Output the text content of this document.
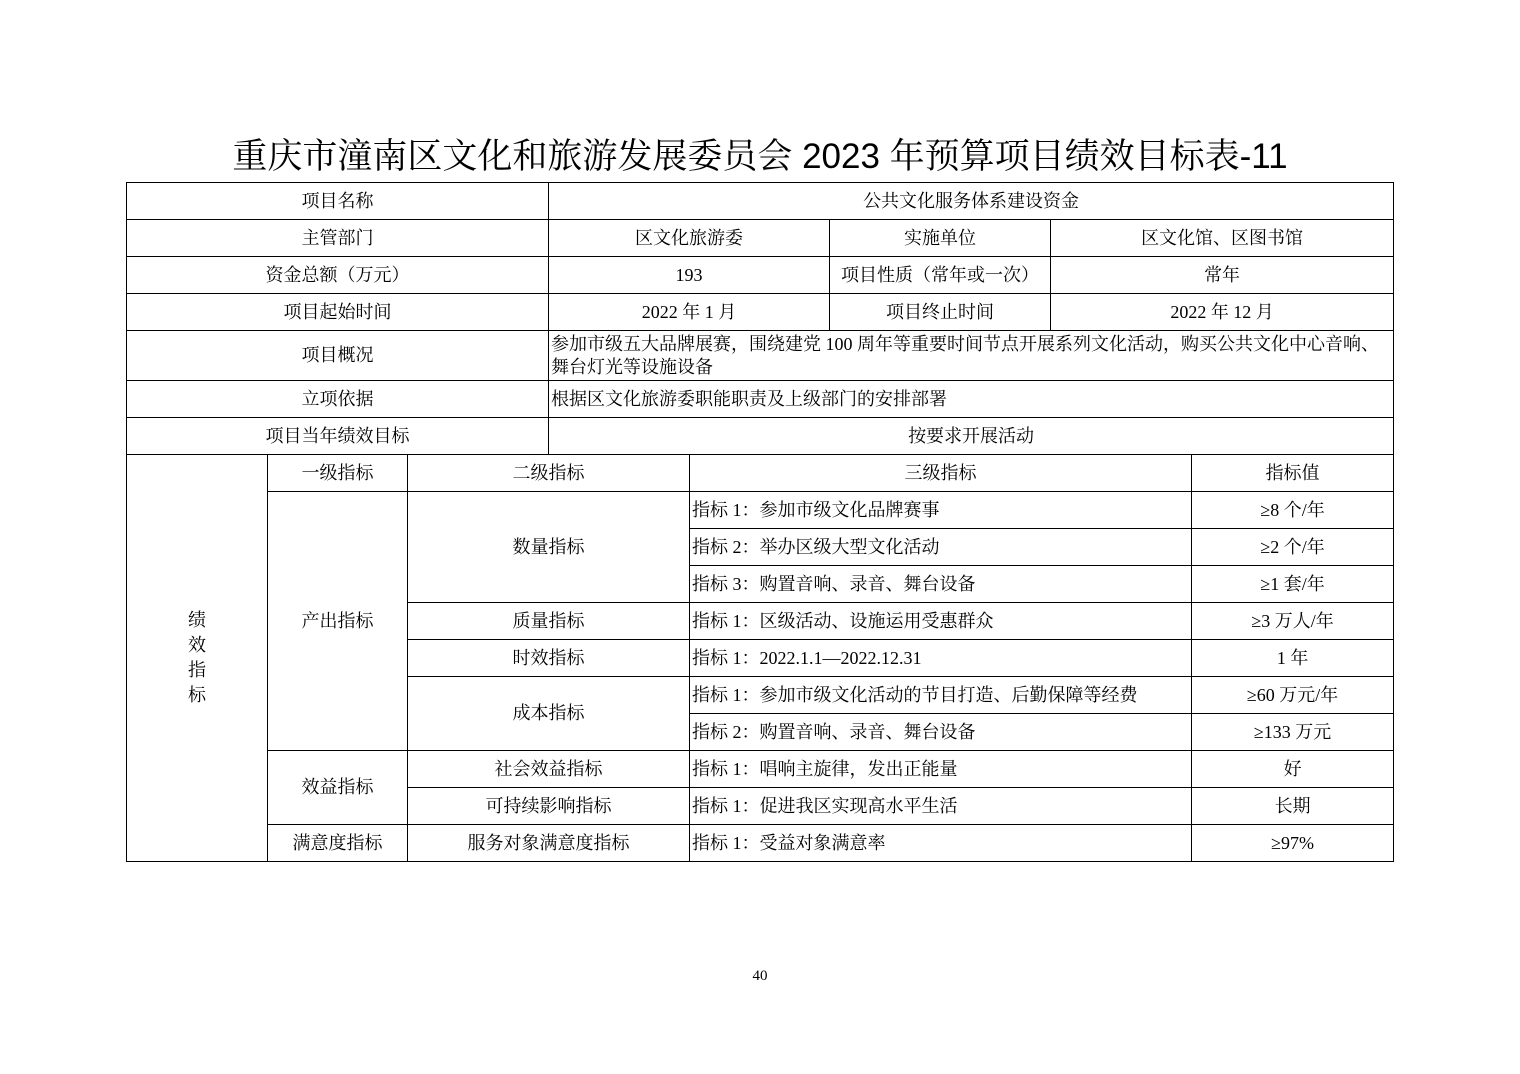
重庆市潼南区文化和旅游发展委员会 2023 年预算项目绩效目标表-11
项目名称			公共文化服务体系建设资金				
主管部门			区文化旅游委		实施单位	区文化馆、区图书馆	
资金总额（万元）			193		项目性质（常年或一次）	常年	
项目起始时间			2022 年 1 月		项目终止时间	2022 年 12 月	
项目概况			参加市级五大品牌展赛，围绕建党 100 周年等重要时间节点开展系列文化活动，购买公共文化中心音响、舞台灯光等设施设备				
立项依据			根据区文化旅游委职能职责及上级部门的安排部署				
项目当年绩效目标			按要求开展活动				
绩效指标	一级指标	二级指标		三级指标			指标值
	产出指标	数量指标		指标 1：参加市级文化品牌赛事			≥8 个/年
				指标 2：举办区级大型文化活动			≥2 个/年
				指标 3：购置音响、录音、舞台设备			≥1 套/年
		质量指标		指标 1：区级活动、设施运用受惠群众			≥3 万人/年
		时效指标		指标 1：2022.1.1—2022.12.31			1 年
		成本指标		指标 1：参加市级文化活动的节目打造、后勤保障等经费			≥60 万元/年
				指标 2：购置音响、录音、舞台设备			≥133 万元
	效益指标	社会效益指标		指标 1：唱响主旋律，发出正能量			好
		可持续影响指标		指标 1：促进我区实现高水平生活			长期
	满意度指标	服务对象满意度指标		指标 1：受益对象满意率			≥97%
40
